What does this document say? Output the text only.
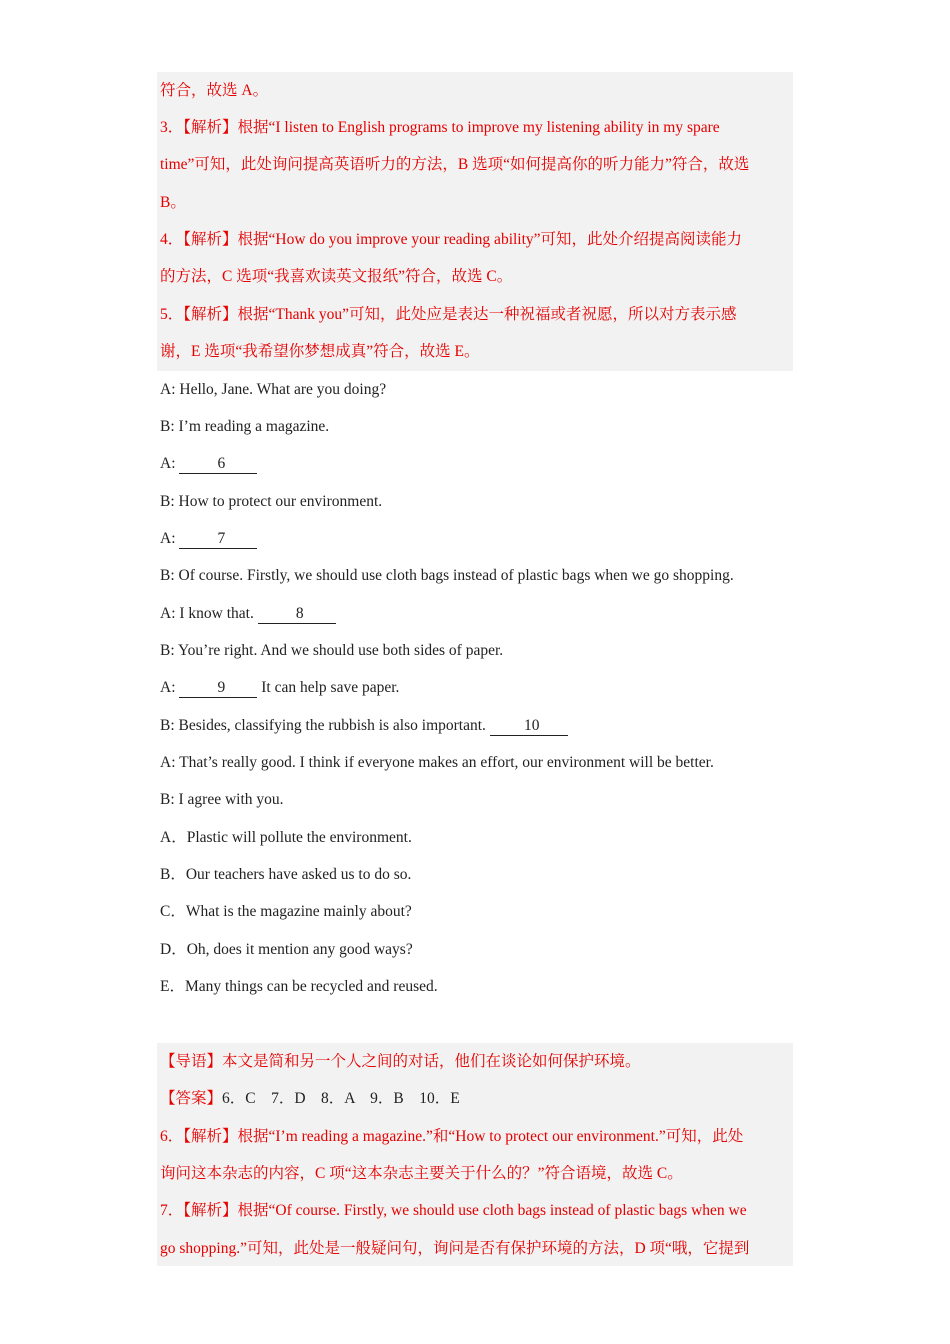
符合，故选 A。
3．【解析】根据“I listen to English programs to improve my listening ability in my spare
time”可知，此处询问提高英语听力的方法，B 选项“如何提高你的听力能力”符合，故选
B。
4．【解析】根据“How do you improve your reading ability”可知，此处介绍提高阅读能力
的方法，C 选项“我喜欢读英文报纸”符合，故选 C。
5．【解析】根据“Thank you”可知，此处应是表达一种祝福或者祝愿，所以对方表示感
谢，E 选项“我希望你梦想成真”符合，故选 E。
A: Hello, Jane. What are you doing?
B: I’m reading a magazine.
A: 6
B: How to protect our environment.
A: 7
B: Of course. Firstly, we should use cloth bags instead of plastic bags when we go shopping.
A: I know that. 8
B: You’re right. And we should use both sides of paper.
A: 9 It can help save paper.
B: Besides, classifying the rubbish is also important. 10
A: That’s really good. I think if everyone makes an effort, our environment will be better.
B: I agree with you.
A．Plastic will pollute the environment.
B．Our teachers have asked us to do so.
C．What is the magazine mainly about?
D．Oh, does it mention any good ways?
E．Many things can be recycled and reused.
【导语】本文是简和另一个人之间的对话，他们在谈论如何保护环境。
【答案】6．C　7．D　8．A　9．B　10．E
6．【解析】根据“I’m reading a magazine.”和“How to protect our environment.”可知，此处
询问这本杂志的内容，C 项“这本杂志主要关于什么的？”符合语境，故选 C。
7．【解析】根据“Of course. Firstly, we should use cloth bags instead of plastic bags when we
go shopping.”可知，此处是一般疑问句，询问是否有保护环境的方法，D 项“哦，它提到
